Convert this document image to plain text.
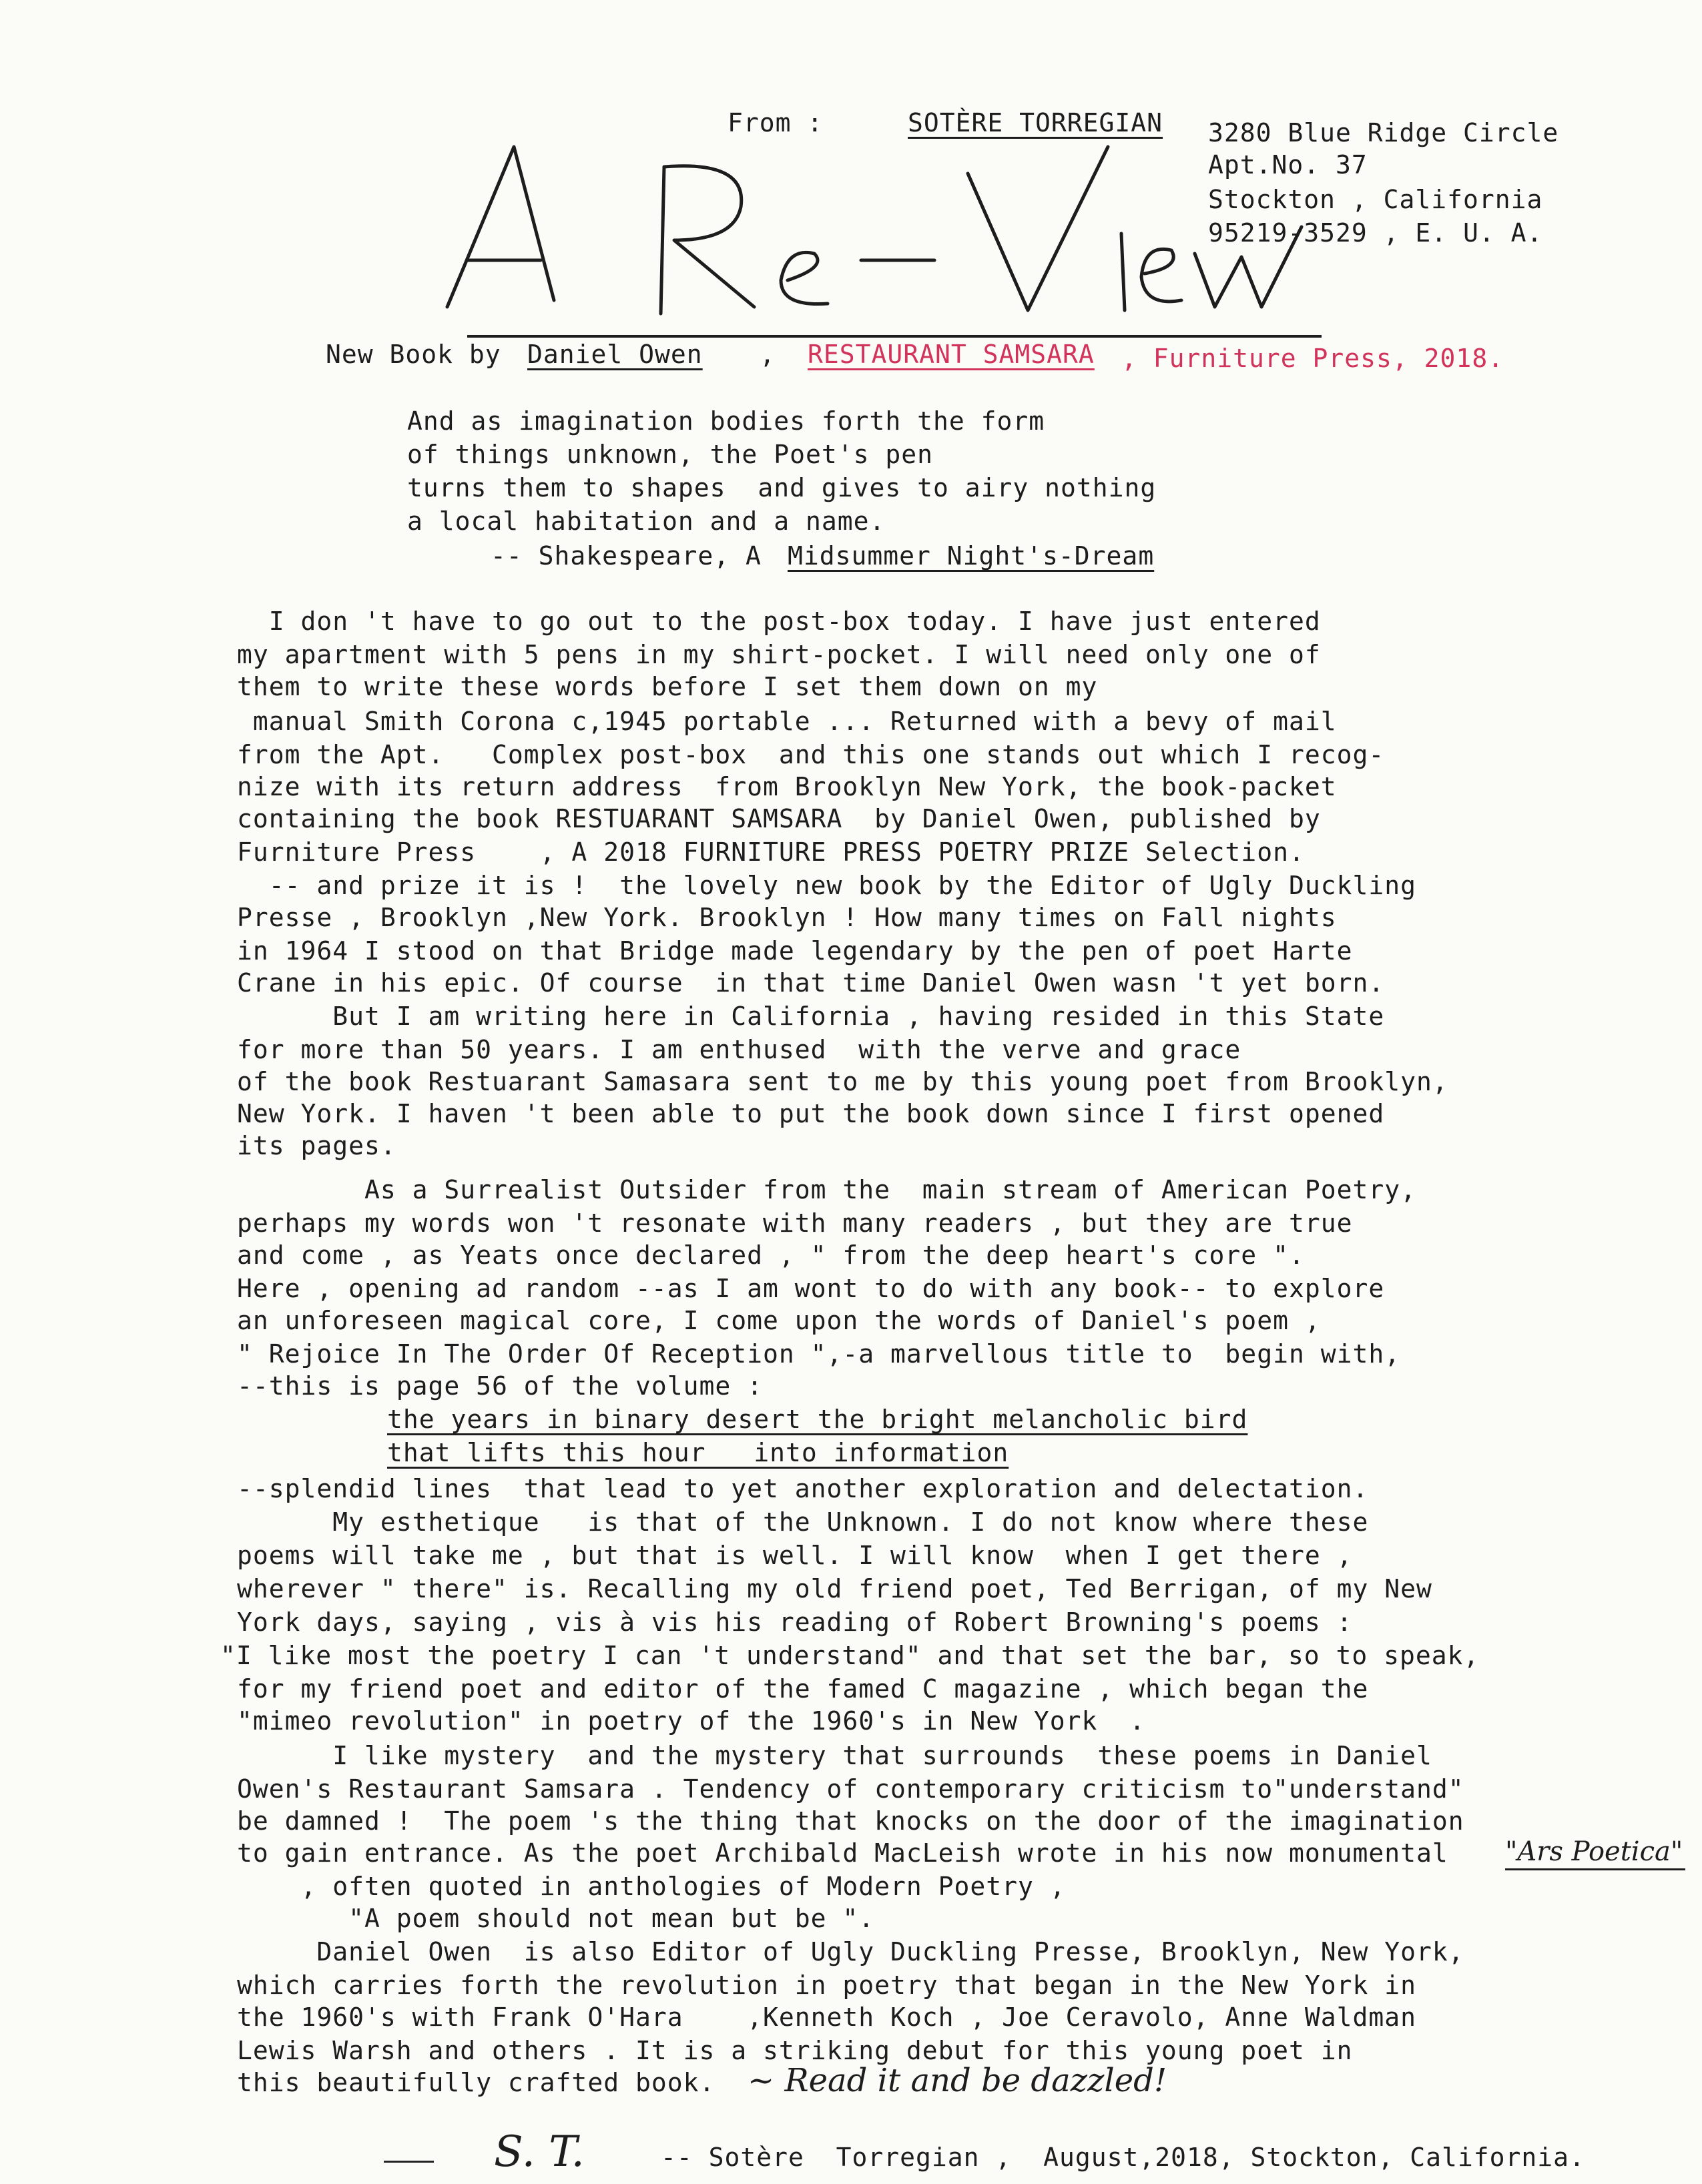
From :	SOTÈRE TORREGIAN 3280 Blue Ridge Circle
Apt.No. 37
Stockton , California
95219-3529 , E. U. A.
New Book by Daniel Owen , RESTAURANT SAMSARA , Furniture Press, 2018.
And as imagination bodies forth the form
of things unknown, the Poet's pen
turns them to shapes  and gives to airy nothing
a local habitation and a name.
-- Shakespeare, A Midsummer Night's-Dream
I don 't have to go out to the post-box today. I have just entered
my apartment with 5 pens in my shirt-pocket. I will need only one of
them to write these words before I set them down on my
manual Smith Corona c,1945 portable ... Returned with a bevy of mail
from the Apt.   Complex post-box  and this one stands out which I recog-
nize with its return address  from Brooklyn New York, the book-packet
containing the book RESTUARANT SAMSARA  by Daniel Owen, published by
Furniture Press    , A 2018 FURNITURE PRESS POETRY PRIZE Selection.
-- and prize it is !  the lovely new book by the Editor of Ugly Duckling
Presse , Brooklyn ,New York. Brooklyn ! How many times on Fall nights
in 1964 I stood on that Bridge made legendary by the pen of poet Harte
Crane in his epic. Of course  in that time Daniel Owen wasn 't yet born.
But I am writing here in California , having resided in this State
for more than 50 years. I am enthused  with the verve and grace
of the book Restuarant Samasara sent to me by this young poet from Brooklyn,
New York. I haven 't been able to put the book down since I first opened
its pages.
As a Surrealist Outsider from the  main stream of American Poetry,
perhaps my words won 't resonate with many readers , but they are true
and come , as Yeats once declared , " from the deep heart's core ".
Here , opening ad random --as I am wont to do with any book-- to explore
an unforeseen magical core, I come upon the words of Daniel's poem ,
" Rejoice In The Order Of Reception ",-a marvellous title to  begin with,
--this is page 56 of the volume :
the years in binary desert the bright melancholic bird
that lifts this hour   into information
--splendid lines  that lead to yet another exploration and delectation.
My esthetique   is that of the Unknown. I do not know where these
poems will take me , but that is well. I will know  when I get there ,
wherever " there" is. Recalling my old friend poet, Ted Berrigan, of my New
York days, saying , vis à vis his reading of Robert Browning's poems :
"I like most the poetry I can 't understand" and that set the bar, so to speak,
for my friend poet and editor of the famed C magazine , which began the
"mimeo revolution" in poetry of the 1960's in New York  .
I like mystery  and the mystery that surrounds  these poems in Daniel
Owen's Restaurant Samsara . Tendency of contemporary criticism to"understand"
be damned !  The poem 's the thing that knocks on the door of the imagination
to gain entrance. As the poet Archibald MacLeish wrote in his now monumental
, often quoted in anthologies of Modern Poetry ,
"A poem should not mean but be ".
Daniel Owen  is also Editor of Ugly Duckling Presse, Brooklyn, New York,
which carries forth the revolution in poetry that began in the New York in
the 1960's with Frank O'Hara    ,Kenneth Koch , Joe Ceravolo, Anne Waldman
Lewis Warsh and others . It is a striking debut for this young poet in
this beautifully crafted book.
"Ars Poetica"
~ Read it and be dazzled!
S. T.	-- Sotère  Torregian ,  August,2018, Stockton, California.
